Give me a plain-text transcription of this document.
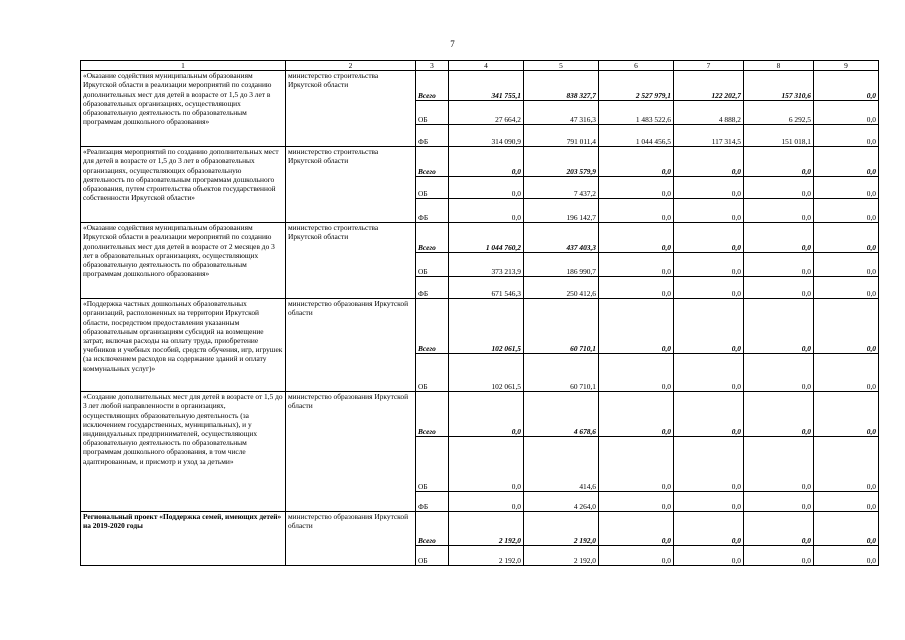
7
1	2	3	4	5	6	7	8	9
«Оказание содействия муниципальным образованиям Иркутской области в реализации мероприятий по созданию дополнительных мест для детей в возрасте от 1,5 до 3 лет в образовательных организациях, осуществляющих образовательную деятельность по образовательным программам дошкольного образования»	министерство строительства Иркутской области	Всего	341 755,1	838 327,7	2 527 979,1	122 202,7	157 310,6	0,0
		ОБ	27 664,2	47 316,3	1 483 522,6	4 888,2	6 292,5	0,0
		ФБ	314 090,9	791 011,4	1 044 456,5	117 314,5	151 018,1	0,0
«Реализация мероприятий по созданию дополнительных мест для детей в возрасте от 1,5 до 3 лет в образовательных организациях, осуществляющих образовательную деятельность по образовательным программам дошкольного образования, путем строительства объектов государственной собственности Иркутской области»	министерство строительства Иркутской области	Всего	0,0	203 579,9	0,0	0,0	0,0	0,0
		ОБ	0,0	7 437,2	0,0	0,0	0,0	0,0
		ФБ	0,0	196 142,7	0,0	0,0	0,0	0,0
«Оказание содействия муниципальным образованиям Иркутской области в реализации мероприятий по созданию дополнительных мест для детей в возрасте от 2 месяцев до 3 лет в образовательных организациях, осуществляющих образовательную деятельность по образовательным программам дошкольного образования»	министерство строительства Иркутской области	Всего	1 044 760,2	437 403,3	0,0	0,0	0,0	0,0
		ОБ	373 213,9	186 990,7	0,0	0,0	0,0	0,0
		ФБ	671 546,3	250 412,6	0,0	0,0	0,0	0,0
«Поддержка частных дошкольных образовательных организаций, расположенных на территории Иркутской области, посредством предоставления указанным образовательным организациям субсидий на возмещение затрат, включая расходы на оплату труда, приобретение учебников и учебных пособий, средств обучения, игр, игрушек (за исключением расходов на содержание зданий и оплату коммунальных услуг)»	министерство образования Иркутской области	Всего	102 061,5	60 710,1	0,0	0,0	0,0	0,0
		ОБ	102 061,5	60 710,1	0,0	0,0	0,0	0,0
«Создание дополнительных мест для детей в возрасте от 1,5 до 3 лет любой направленности в организациях, осуществляющих образовательную деятельность (за исключением государственных, муниципальных), и у индивидуальных предпринимателей, осуществляющих образовательную деятельность по образовательным программам дошкольного образования, в том числе адаптированным, и присмотр и уход за детьми»	министерство образования Иркутской области	Всего	0,0	4 678,6	0,0	0,0	0,0	0,0
		ОБ	0,0	414,6	0,0	0,0	0,0	0,0
		ФБ	0,0	4 264,0	0,0	0,0	0,0	0,0
Региональный проект «Поддержка семей, имеющих детей» на 2019-2020 годы	министерство образования Иркутской области	Всего	2 192,0	2 192,0	0,0	0,0	0,0	0,0
		ОБ	2 192,0	2 192,0	0,0	0,0	0,0	0,0
